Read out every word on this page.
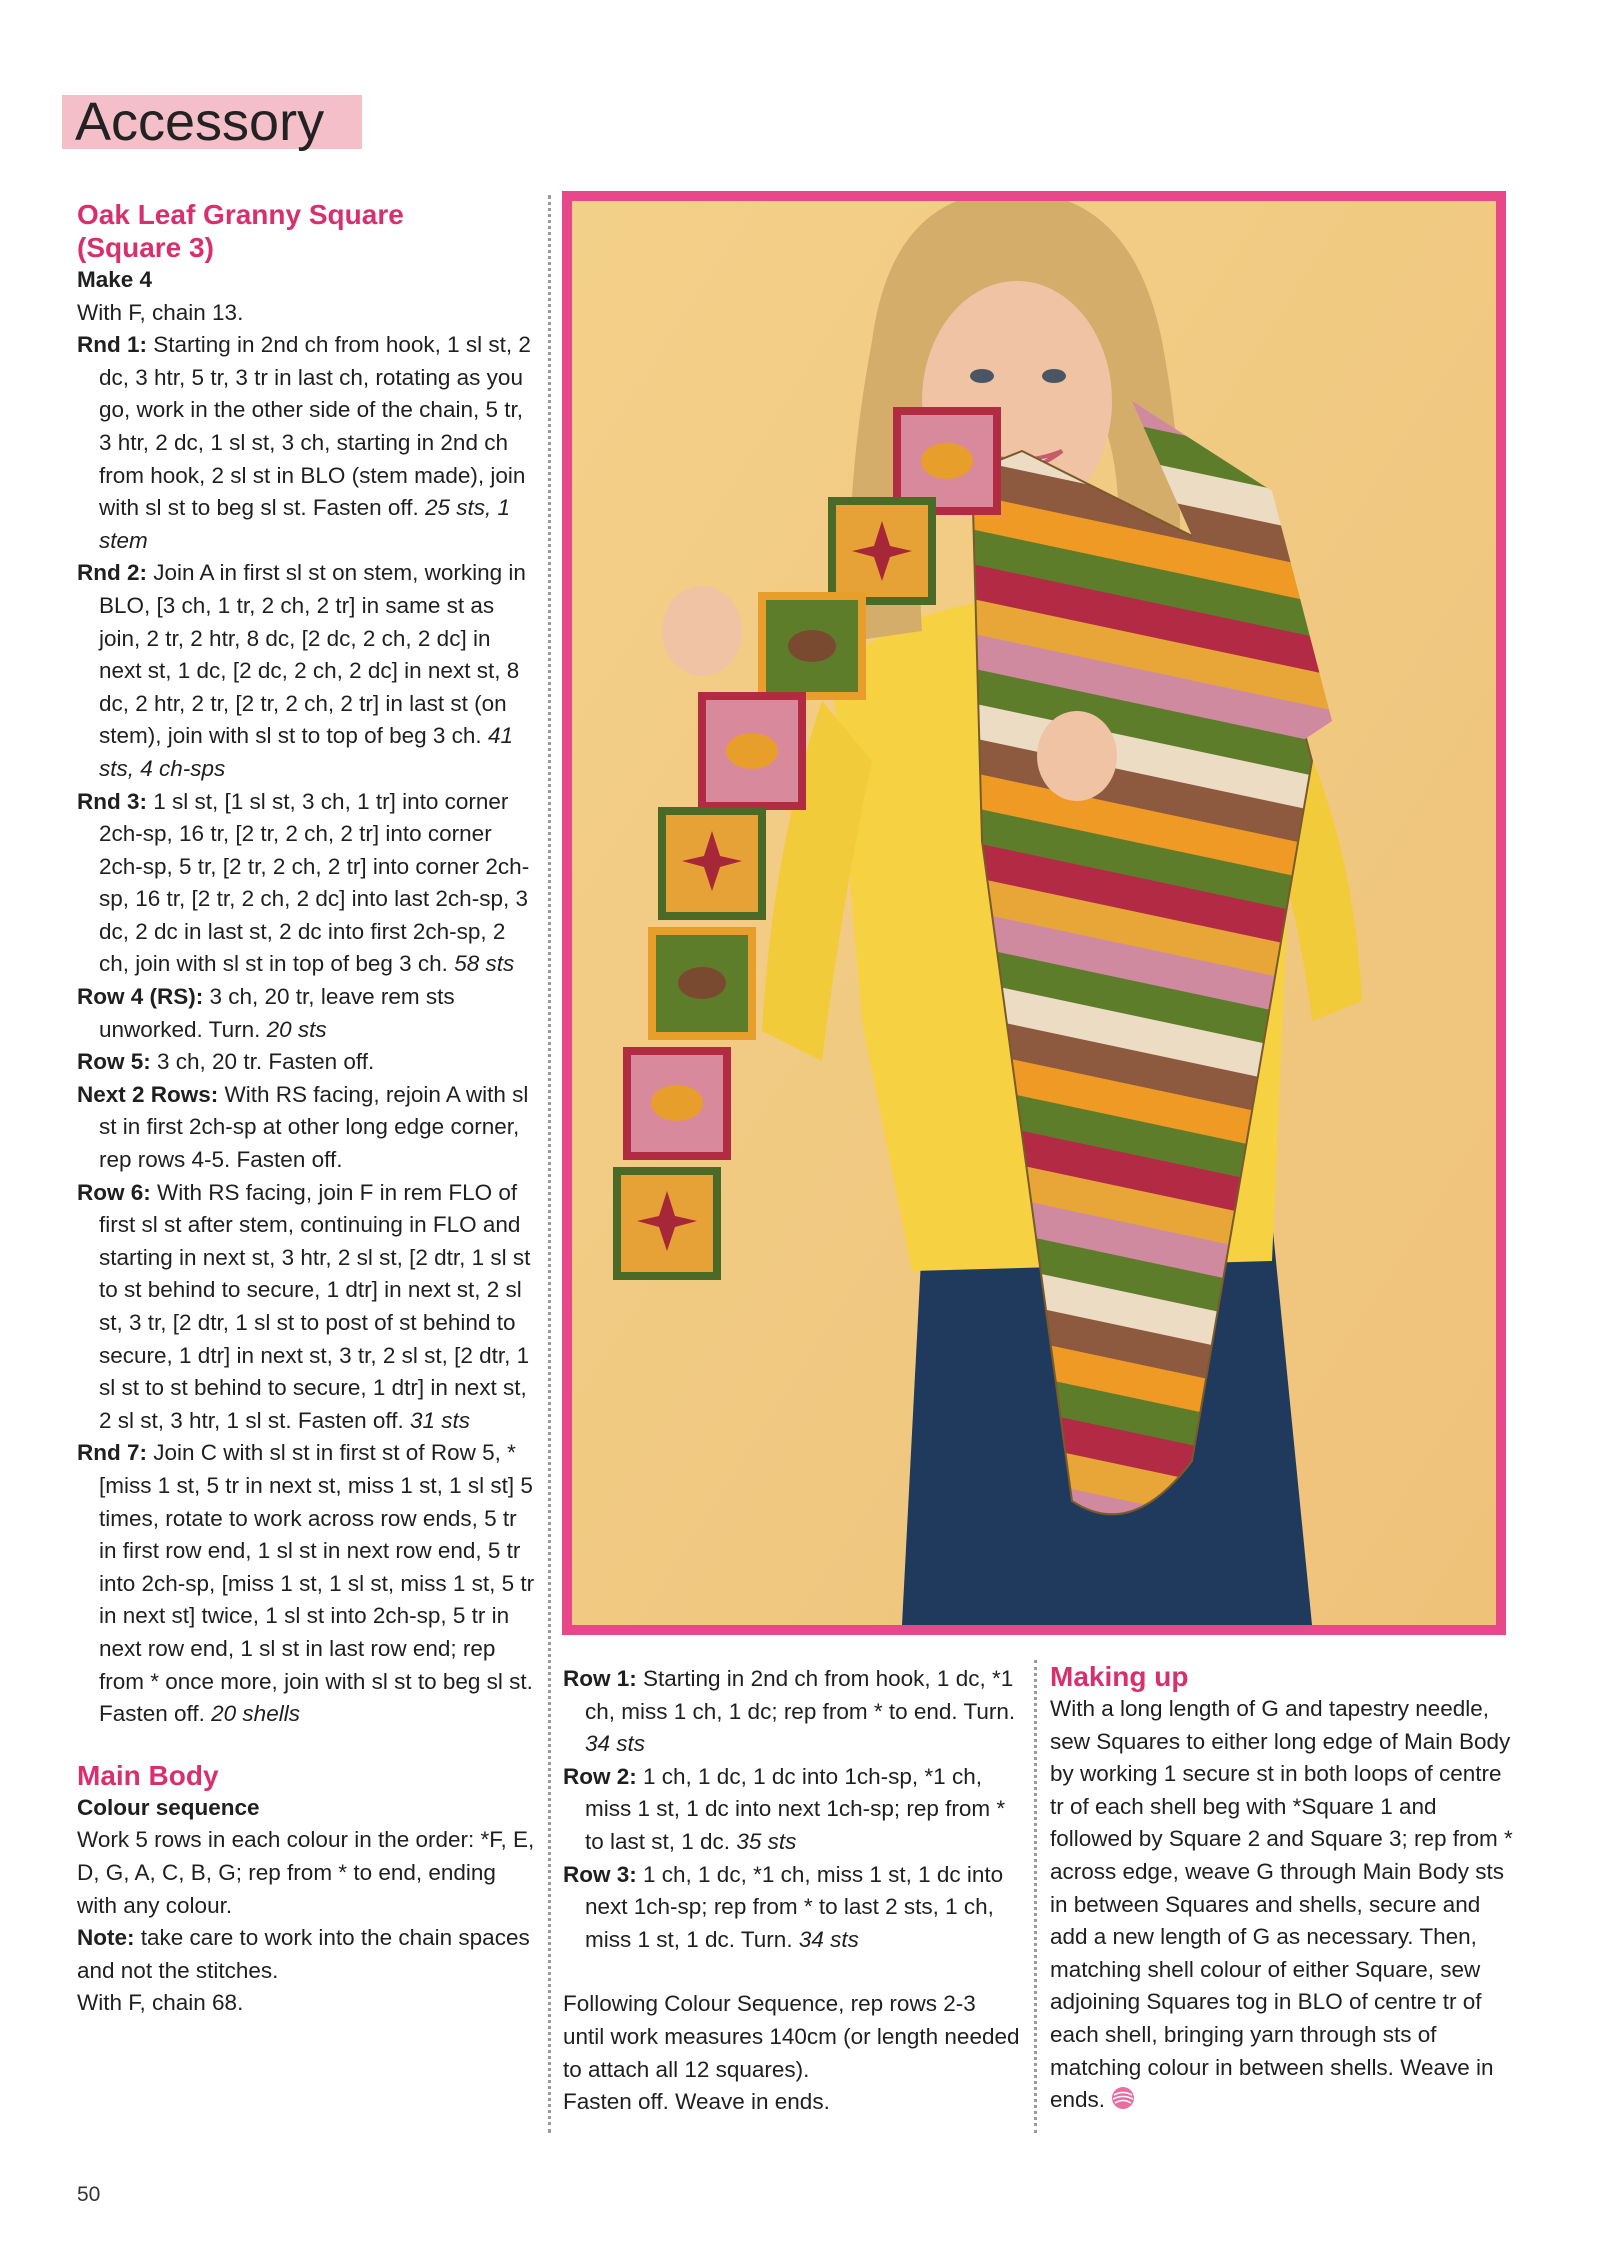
Accessory

Oak Leaf Granny Square

(Square 3)

Make 4

With F, chain 13.

Rnd 1: Starting in 2nd ch from hook, 1 sl st, 2 dc, 3 htr, 5 tr, 3 tr in last ch, rotating as you go, work in the other side of the chain, 5 tr, 3 htr, 2 dc, 1 sl st, 3 ch, starting in 2nd ch from hook, 2 sl st in BLO (stem made), join with sl st to beg sl st. Fasten off. 25 sts, 1 stem

Rnd 2: Join A in first sl st on stem, working in BLO, [3 ch, 1 tr, 2 ch, 2 tr] in same st as join, 2 tr, 2 htr, 8 dc, [2 dc, 2 ch, 2 dc] in next st, 1 dc, [2 dc, 2 ch, 2 dc] in next st, 8 dc, 2 htr, 2 tr, [2 tr, 2 ch, 2 tr] in last st (on stem), join with sl st to top of beg 3 ch. 41 sts, 4 ch-sps

Rnd 3: 1 sl st, [1 sl st, 3 ch, 1 tr] into corner 2ch-sp, 16 tr, [2 tr, 2 ch, 2 tr] into corner 2ch-sp, 5 tr, [2 tr, 2 ch, 2 tr] into corner 2ch-sp, 16 tr, [2 tr, 2 ch, 2 dc] into last 2ch-sp, 3 dc, 2 dc in last st, 2 dc into first 2ch-sp, 2 ch, join with sl st in top of beg 3 ch. 58 sts

Row 4 (RS): 3 ch, 20 tr, leave rem sts unworked. Turn. 20 sts

Row 5: 3 ch, 20 tr. Fasten off.

Next 2 Rows: With RS facing, rejoin A with sl st in first 2ch-sp at other long edge corner, rep rows 4-5. Fasten off.

Row 6: With RS facing, join F in rem FLO of first sl st after stem, continuing in FLO and starting in next st, 3 htr, 2 sl st, [2 dtr, 1 sl st to st behind to secure, 1 dtr] in next st, 2 sl st, 3 tr, [2 dtr, 1 sl st to post of st behind to secure, 1 dtr] in next st, 3 tr, 2 sl st, [2 dtr, 1 sl st to st behind to secure, 1 dtr] in next st, 2 sl st, 3 htr, 1 sl st. Fasten off. 31 sts

Rnd 7: Join C with sl st in first st of Row 5, *[miss 1 st, 5 tr in next st, miss 1 st, 1 sl st] 5 times, rotate to work across row ends, 5 tr in first row end, 1 sl st in next row end, 5 tr into 2ch-sp, [miss 1 st, 1 sl st, miss 1 st, 5 tr in next st] twice, 1 sl st into 2ch-sp, 5 tr in next row end, 1 sl st in last row end; rep from * once more, join with sl st to beg sl st. Fasten off. 20 shells

Main Body

Colour sequence

Work 5 rows in each colour in the order: *F, E, D, G, A, C, B, G; rep from * to end, ending with any colour.

Note: take care to work into the chain spaces and not the stitches.

With F, chain 68.

Row 1: Starting in 2nd ch from hook, 1 dc, *1 ch, miss 1 ch, 1 dc; rep from * to end. Turn. 34 sts

Row 2: 1 ch, 1 dc, 1 dc into 1ch-sp, *1 ch, miss 1 st, 1 dc into next 1ch-sp; rep from * to last st, 1 dc. 35 sts

Row 3: 1 ch, 1 dc, *1 ch, miss 1 st, 1 dc into next 1ch-sp; rep from * to last 2 sts, 1 ch, miss 1 st, 1 dc. Turn. 34 sts

Following Colour Sequence, rep rows 2-3 until work measures 140cm (or length needed to attach all 12 squares).

Fasten off. Weave in ends.

Making up

With a long length of G and tapestry needle, sew Squares to either long edge of Main Body by working 1 secure st in both loops of centre tr of each shell beg with *Square 1 and followed by Square 2 and Square 3; rep from * across edge, weave G through Main Body sts in between Squares and shells, secure and add a new length of G as necessary. Then, matching shell colour of either Square, sew adjoining Squares tog in BLO of centre tr of each shell, bringing yarn through sts of matching colour in between shells. Weave in ends.

50
